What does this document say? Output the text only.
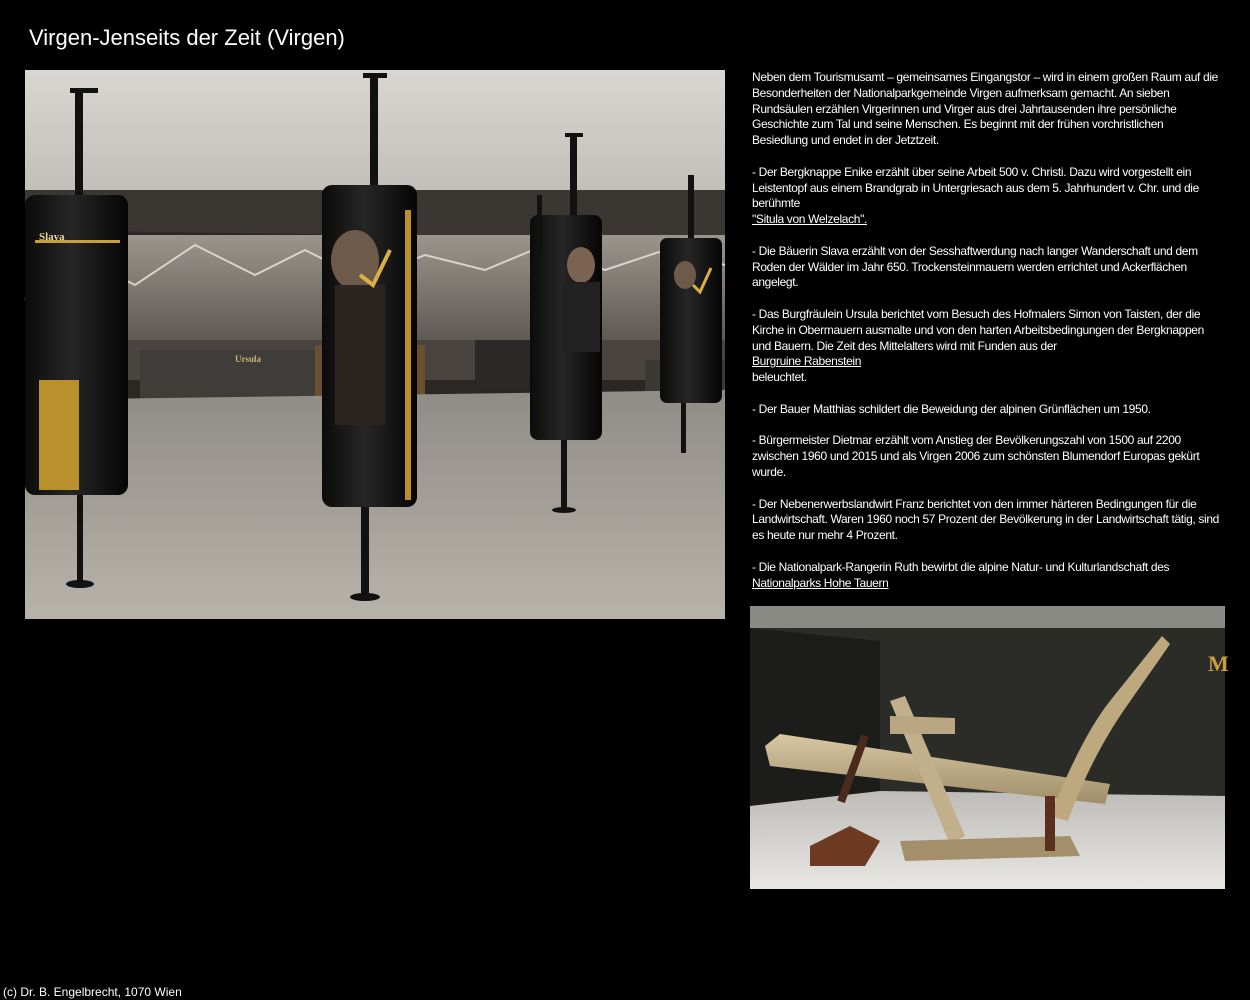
Virgen-Jenseits der Zeit (Virgen)
Slava
Ursula

Neben dem Tourismusamt – gemeinsames Eingangstor – wird in einem großen Raum auf die Besonderheiten der Nationalparkgemeinde Virgen aufmerksam gemacht. An sieben Rundsäulen erzählen Virgerinnen und Virger aus drei Jahrtausenden ihre persönliche Geschichte zum Tal und seine Menschen. Es beginnt mit der frühen vorchristlichen Besiedlung und endet in der Jetztzeit.

- Der Bergknappe Enike erzählt über seine Arbeit 500 v. Christi. Dazu wird vorgestellt ein Leistentopf aus einem Brandgrab in Untergriesach aus dem 5. Jahrhundert v. Chr. und die berühmte
"Situla von Welzelach".

- Die Bäuerin Slava erzählt von der Sesshaftwerdung nach langer Wanderschaft und dem Roden der Wälder im Jahr 650. Trockensteinmauern werden errichtet und Ackerflächen angelegt.

- Das Burgfräulein Ursula berichtet vom Besuch des Hofmalers Simon von Taisten, der die Kirche in Obermauern ausmalte und von den harten Arbeitsbedingungen der Bergknappen und Bauern. Die Zeit des Mittelalters wird mit Funden aus der
Burgruine Rabenstein
beleuchtet.

- Der Bauer Matthias schildert die Beweidung der alpinen Grünflächen um 1950.

- Bürgermeister Dietmar erzählt vom Anstieg der Bevölkerungszahl von 1500 auf 2200 zwischen 1960 und 2015 und als Virgen 2006 zum schönsten Blumendorf Europas gekürt wurde.

- Der Nebenerwerbslandwirt Franz berichtet von den immer härteren Bedingungen für die Landwirtschaft. Waren 1960 noch 57 Prozent der Bevölkerung in der Landwirtschaft tätig, sind es heute nur mehr 4 Prozent.

- Die Nationalpark-Rangerin Ruth bewirbt die alpine Natur- und Kulturlandschaft des
Nationalparks Hohe Tauern

M
(c) Dr. B. Engelbrecht, 1070 Wien
